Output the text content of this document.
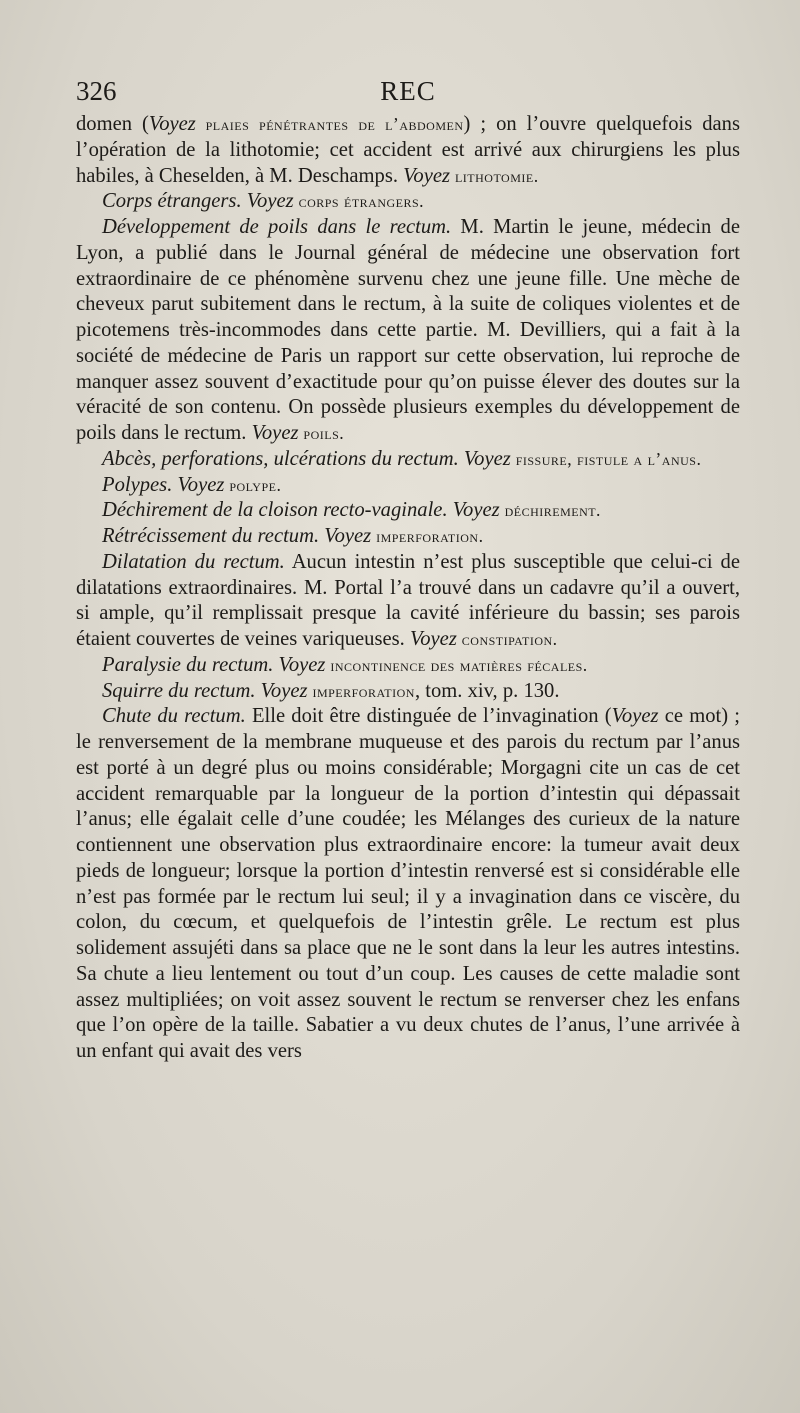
326	REC

domen (Voyez plaies pénétrantes de l’abdomen) ; on l’ouvre quelquefois dans l’opération de la lithotomie; cet accident est arrivé aux chirurgiens les plus habiles, à Cheselden, à M. Deschamps. Voyez lithotomie.

Corps étrangers. Voyez corps étrangers.

Développement de poils dans le rectum. M. Martin le jeune, médecin de Lyon, a publié dans le Journal général de médecine une observation fort extraordinaire de ce phénomène survenu chez une jeune fille. Une mèche de cheveux parut subitement dans le rectum, à la suite de coliques violentes et de picotemens très-incommodes dans cette partie. M. Devilliers, qui a fait à la société de médecine de Paris un rapport sur cette observation, lui reproche de manquer assez souvent d’exactitude pour qu’on puisse élever des doutes sur la véracité de son contenu. On possède plusieurs exemples du développement de poils dans le rectum. Voyez poils.

Abcès, perforations, ulcérations du rectum. Voyez fissure, fistule a l’anus.

Polypes. Voyez polype.

Déchirement de la cloison recto-vaginale. Voyez déchirement.

Rétrécissement du rectum. Voyez imperforation.

Dilatation du rectum. Aucun intestin n’est plus susceptible que celui-ci de dilatations extraordinaires. M. Portal l’a trouvé dans un cadavre qu’il a ouvert, si ample, qu’il remplissait presque la cavité inférieure du bassin; ses parois étaient couvertes de veines variqueuses. Voyez constipation.

Paralysie du rectum. Voyez incontinence des matières fécales.

Squirre du rectum. Voyez imperforation, tom. xiv, p. 130.

Chute du rectum. Elle doit être distinguée de l’invagination (Voyez ce mot) ; le renversement de la membrane muqueuse et des parois du rectum par l’anus est porté à un degré plus ou moins considérable; Morgagni cite un cas de cet accident remarquable par la longueur de la portion d’intestin qui dépassait l’anus; elle égalait celle d’une coudée; les Mélanges des curieux de la nature contiennent une observation plus extraordinaire encore: la tumeur avait deux pieds de longueur; lorsque la portion d’intestin renversé est si considérable elle n’est pas formée par le rectum lui seul; il y a invagination dans ce viscère, du colon, du cœcum, et quelquefois de l’intestin grêle. Le rectum est plus solidement assujéti dans sa place que ne le sont dans la leur les autres intestins. Sa chute a lieu lentement ou tout d’un coup. Les causes de cette maladie sont assez multipliées; on voit assez souvent le rectum se renverser chez les enfans que l’on opère de la taille. Sabatier a vu deux chutes de l’anus, l’une arrivée à un enfant qui avait des vers
